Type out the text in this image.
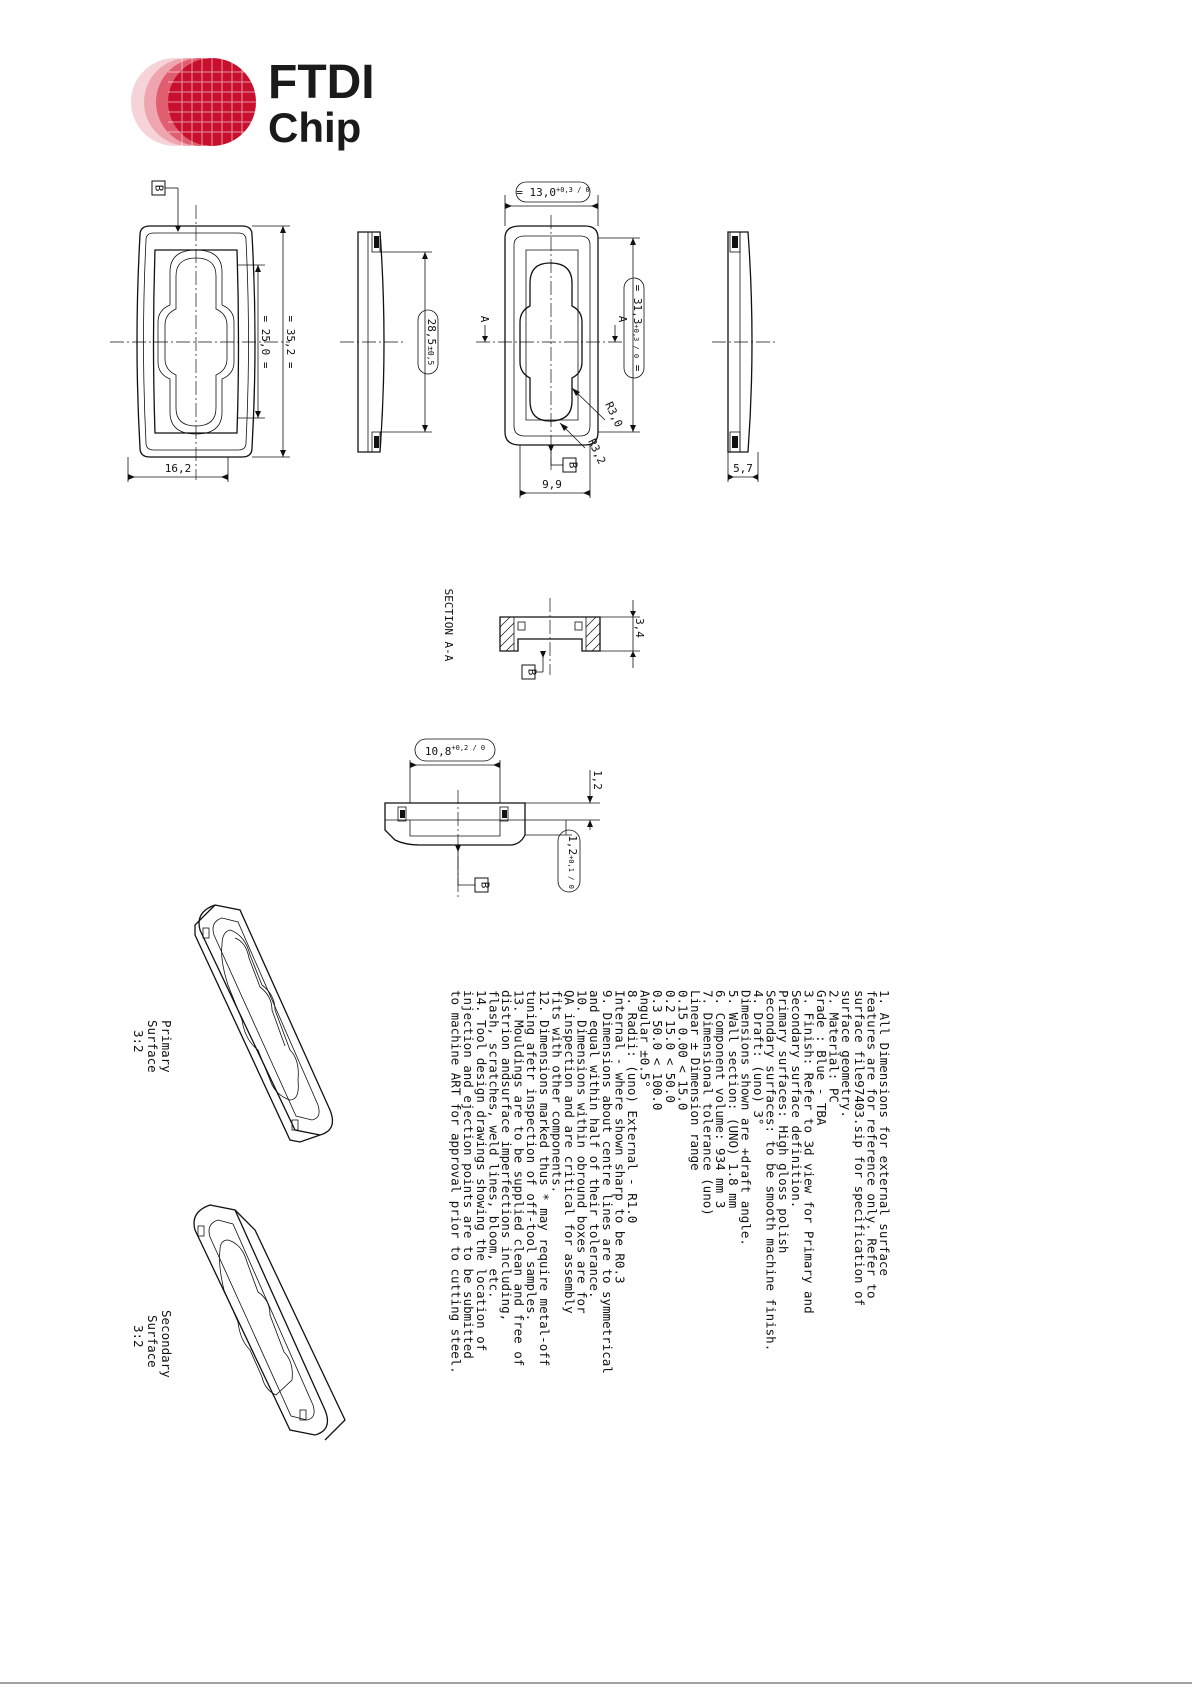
FTDI
Chip
B
= 35,2 =
= 25,0 =
16,2
28,5±0,5
A	A
= $13,0^{+0,3 / 0}$
= 31,3+0,3 / 0 =
R3,0
R3,2
B
9,9
5,7
SECTION A-A	3,4
B
$10,8^{+0,2 / 0}$
1,2
1,2+0,1 / 0
B
Primary
Surface
3:2
Secondary
Surface
3:2
1. All Dimensions for external surface
features are for reference only. Refer to
surface file97403.sip for specification of
surface geometry.
2. Material: PC
Grade : Blue - TBA
3. Finish: Refer to 3d view for Primary and
Secondary surface definition.
Primary surfaces: High gloss polish
Secondary surfaces: to be smooth machine finish.
4. Draft: (uno) 3°
Dimensions shown are +draft angle.
5. Wall section: (UNO) 1.8 mm
6. Component volume: 934 mm 3
7. Dimensional tolerance (uno)
Linear ± Dimension range
0.15 0.00 < 15.0
0.2 15.0 < 50.0
0.3 50.0 < 100.0
Angular ±0.5°
8. Radii: (uno) External - R1.0
Internal - where shown sharp to be R0.3
9. Dimensions about centre lines are to symmetrical
and equal within half of their tolerance.
10. Dimensions within obround boxes are for
QA inspection and are critical for assembly
fits with other components.
12. Dimensions marked thus * may require metal-off
tuning afetr inspection of off-tool samples.
13. Mouldings are to be supplied clean and free of
distrion andsurface imperfections including,
flash, scratches, weld lines, bloom, etc.
14. Tool design drawings showing the location of
injection and ejection points are to be submitted
to machine ART for approval prior to cutting steel.
